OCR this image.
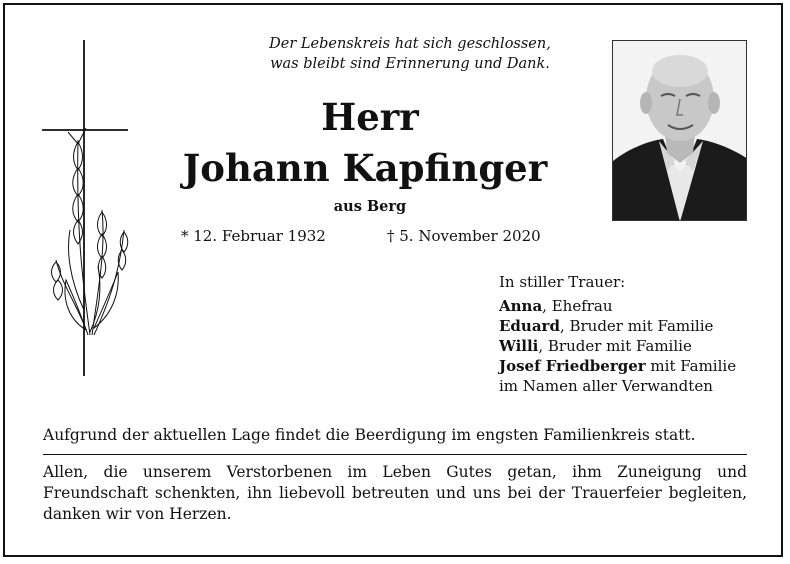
Der Lebenskreis hat sich geschlossen,
was bleibt sind Erinnerung und Dank.
Herr
Johann Kapfinger
aus Berg
* 12. Februar 1932	† 5. November 2020
In stiller Trauer:
Anna, Ehefrau
Eduard, Bruder mit Familie
Willi, Bruder mit Familie
Josef Friedberger mit Familie
im Namen aller Verwandten
Aufgrund der aktuellen Lage findet die Beerdigung im engsten Familienkreis statt.
Allen, die unserem Verstorbenen im Leben Gutes getan, ihm Zuneigung und Freundschaft schenkten, ihn liebevoll betreuten und uns bei der Trauerfeier begleiten, danken wir von Herzen.
